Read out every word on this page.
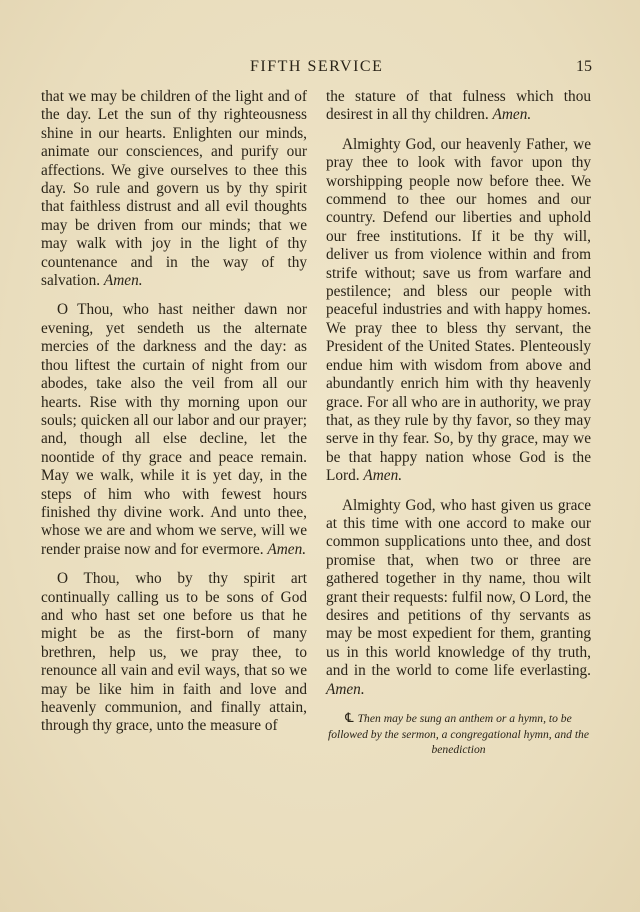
FIFTH SERVICE	15

that we may be children of the light and of the day. Let the sun of thy righteousness shine in our hearts. Enlighten our minds, animate our consciences, and purify our affections. We give ourselves to thee this day. So rule and govern us by thy spirit that faithless distrust and all evil thoughts may be driven from our minds; that we may walk with joy in the light of thy countenance and in the way of thy salvation. Amen.

O Thou, who hast neither dawn nor evening, yet sendeth us the alternate mercies of the darkness and the day: as thou liftest the curtain of night from our abodes, take also the veil from all our hearts. Rise with thy morning upon our souls; quicken all our labor and our prayer; and, though all else decline, let the noontide of thy grace and peace remain. May we walk, while it is yet day, in the steps of him who with fewest hours finished thy divine work. And unto thee, whose we are and whom we serve, will we render praise now and for evermore. Amen.

O Thou, who by thy spirit art continually calling us to be sons of God and who hast set one before us that he might be as the first-born of many brethren, help us, we pray thee, to renounce all vain and evil ways, that so we may be like him in faith and love and heavenly communion, and finally attain, through thy grace, unto the measure of

the stature of that fulness which thou desirest in all thy children. Amen.

Almighty God, our heavenly Father, we pray thee to look with favor upon thy worshipping people now before thee. We commend to thee our homes and our country. Defend our liberties and uphold our free institutions. If it be thy will, deliver us from violence within and from strife without; save us from warfare and pestilence; and bless our people with peaceful industries and with happy homes. We pray thee to bless thy servant, the President of the United States. Plenteously endue him with wisdom from above and abundantly enrich him with thy heavenly grace. For all who are in authority, we pray that, as they rule by thy favor, so they may serve in thy fear. So, by thy grace, may we be that happy nation whose God is the Lord. Amen.

Almighty God, who hast given us grace at this time with one accord to make our common supplications unto thee, and dost promise that, when two or three are gathered together in thy name, thou wilt grant their requests: fulfil now, O Lord, the desires and petitions of thy servants as may be most expedient for them, granting us in this world knowledge of thy truth, and in the world to come life everlasting. Amen.

℄ Then may be sung an anthem or a hymn, to be followed by the sermon, a congregational hymn, and the benediction
